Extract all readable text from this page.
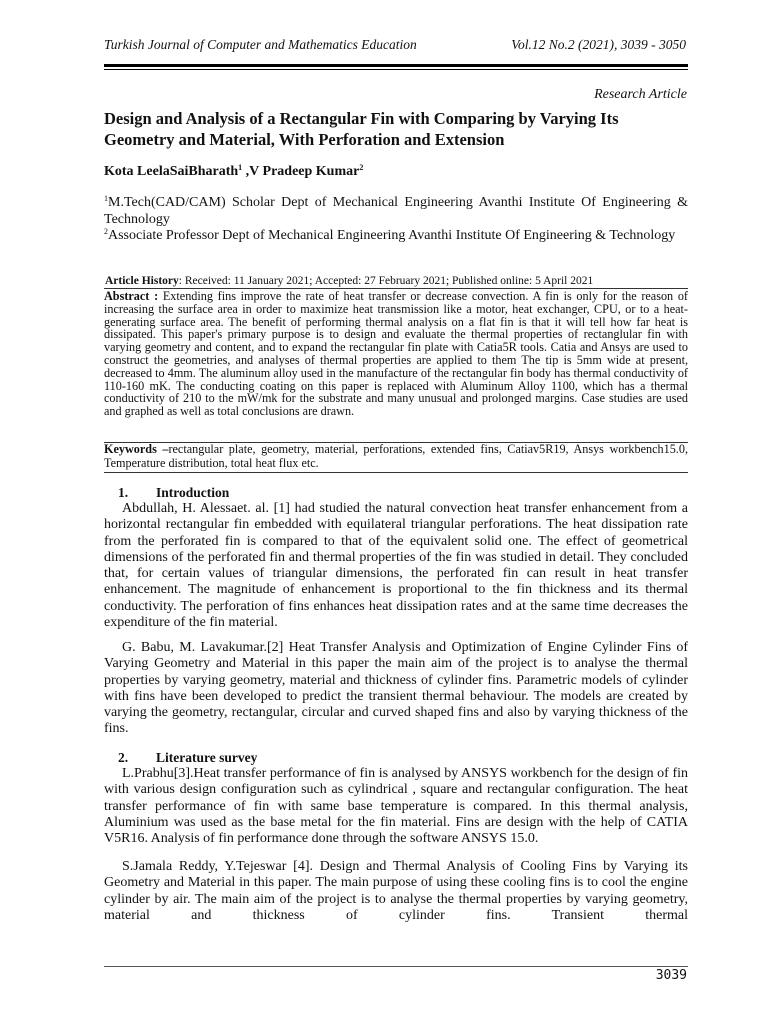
Turkish Journal of Computer and Mathematics Education	Vol.12 No.2 (2021), 3039 - 3050
Research Article
Design and Analysis of a Rectangular Fin with Comparing by Varying Its Geometry and Material, With Perforation and Extension
Kota LeelaSaiBharath$^1$ ,V Pradeep Kumar$^2$
$^1$M.Tech(CAD/CAM) Scholar Dept of Mechanical Engineering Avanthi Institute Of Engineering & Technology
$^2$Associate Professor Dept of Mechanical Engineering Avanthi Institute Of Engineering & Technology
Article History: Received: 11 January 2021; Accepted: 27 February 2021; Published online: 5 April 2021
Abstract : Extending fins improve the rate of heat transfer or decrease convection. A fin is only for the reason of increasing the surface area in order to maximize heat transmission like a motor, heat exchanger, CPU, or to a heat-generating surface area. The benefit of performing thermal analysis on a flat fin is that it will tell how far heat is dissipated. This paper's primary purpose is to design and evaluate the thermal properties of rectanglular fin with varying geometry and content, and to expand the rectangular fin plate with Catia5R tools. Catia and Ansys are used to construct the geometries, and analyses of thermal properties are applied to them The tip is 5mm wide at present, decreased to 4mm. The aluminum alloy used in the manufacture of the rectangular fin body has thermal conductivity of 110-160 mK. The conducting coating on this paper is replaced with Aluminum Alloy 1100, which has a thermal conductivity of 210 to the mW/mk for the substrate and many unusual and prolonged margins. Case studies are used and graphed as well as total conclusions are drawn.
Keywords –rectangular plate, geometry, material, perforations, extended fins, Catiav5R19, Ansys workbench15.0, Temperature distribution, total heat flux etc.
1. Introduction

Abdullah, H. Alessaet. al. [1] had studied the natural convection heat transfer enhancement from a horizontal rectangular fin embedded with equilateral triangular perforations. The heat dissipation rate from the perforated fin is compared to that of the equivalent solid one. The effect of geometrical dimensions of the perforated fin and thermal properties of the fin was studied in detail. They concluded that, for certain values of triangular dimensions, the perforated fin can result in heat transfer enhancement. The magnitude of enhancement is proportional to the fin thickness and its thermal conductivity. The perforation of fins enhances heat dissipation rates and at the same time decreases the expenditure of the fin material.

G. Babu, M. Lavakumar.[2] Heat Transfer Analysis and Optimization of Engine Cylinder Fins of Varying Geometry and Material in this paper the main aim of the project is to analyse the thermal properties by varying geometry, material and thickness of cylinder fins. Parametric models of cylinder with fins have been developed to predict the transient thermal behaviour. The models are created by varying the geometry, rectangular, circular and curved shaped fins and also by varying thickness of the fins.

2. Literature survey

L.Prabhu[3].Heat transfer performance of fin is analysed by ANSYS workbench for the design of fin with various design configuration such as cylindrical , square and rectangular configuration. The heat transfer performance of fin with same base temperature is compared. In this thermal analysis, Aluminium was used as the base metal for the fin material. Fins are design with the help of CATIA V5R16. Analysis of fin performance done through the software ANSYS 15.0.

S.Jamala Reddy, Y.Tejeswar [4]. Design and Thermal Analysis of Cooling Fins by Varying its Geometry and Material in this paper. The main purpose of using these cooling fins is to cool the engine cylinder by air. The main aim of the project is to analyse the thermal properties by varying geometry, material and thickness of cylinder fins. Transient thermal

3039
